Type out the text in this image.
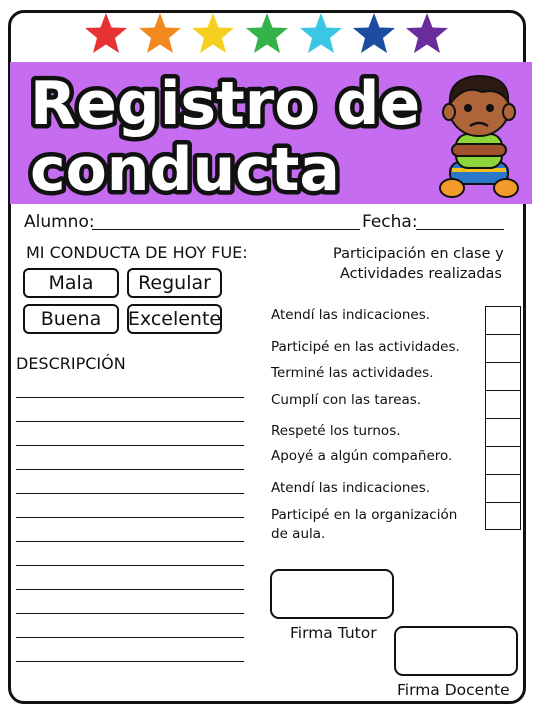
Registro de
conducta
Alumno:	Fecha:
MI CONDUCTA DE HOY FUE:
Mala	Regular
Buena	Excelente
Participación en clase y
Actividades realizadas
DESCRIPCIÓN
Atendí las indicaciones.
Participé en las actividades.
Terminé las actividades.
Cumplí con las tareas.
Respeté los turnos.
Apoyé a algún compañero.
Atendí las indicaciones.
Participé en la organización
de aula.
Firma Tutor
Firma Docente
